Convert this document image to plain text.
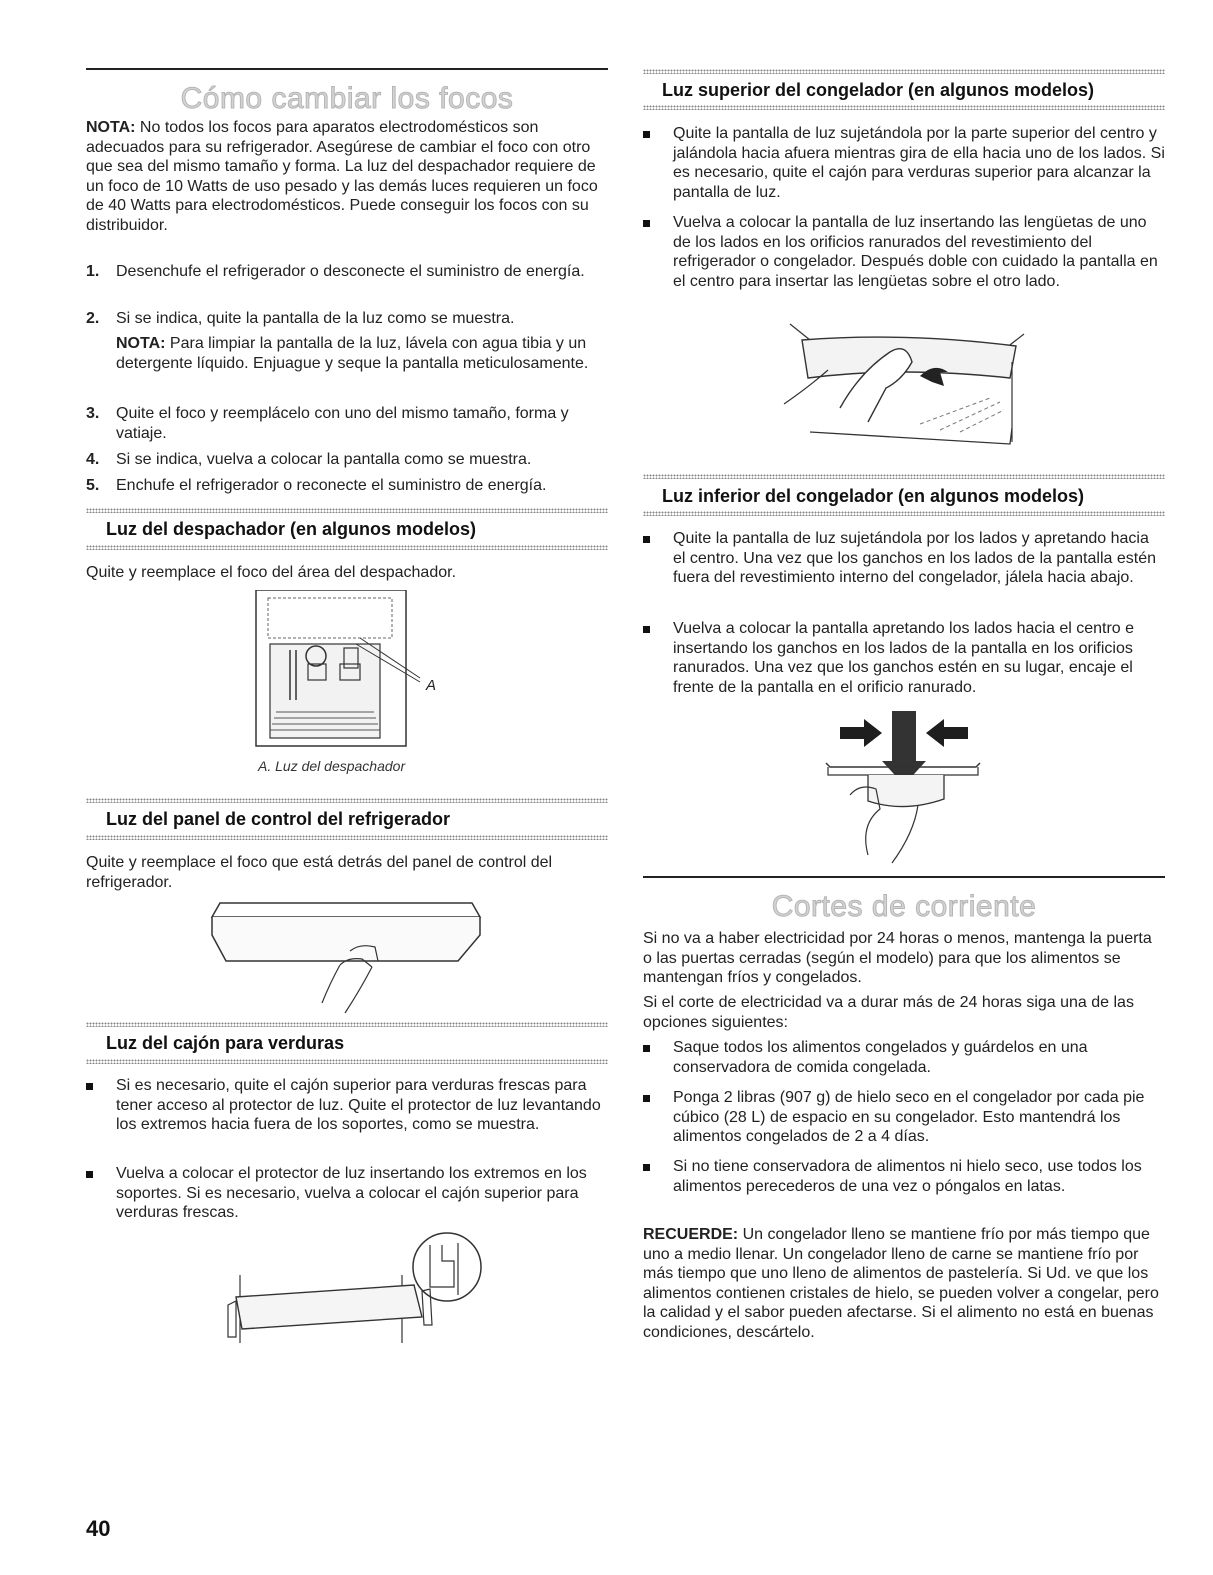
Cómo cambiar los focos
NOTA: No todos los focos para aparatos electrodomésticos son adecuados para su refrigerador. Asegúrese de cambiar el foco con otro que sea del mismo tamaño y forma. La luz del despachador requiere de un foco de 10 Watts de uso pesado y las demás luces requieren un foco de 40 Watts para electrodomésticos. Puede conseguir los focos con su distribuidor.
1. Desenchufe el refrigerador o desconecte el suministro de energía.
2. Si se indica, quite la pantalla de la luz como se muestra.
NOTA: Para limpiar la pantalla de la luz, lávela con agua tibia y un detergente líquido. Enjuague y seque la pantalla meticulosamente.
3. Quite el foco y reemplácelo con uno del mismo tamaño, forma y vatiaje.
4. Si se indica, vuelva a colocar la pantalla como se muestra.
5. Enchufe el refrigerador o reconecte el suministro de energía.
Luz del despachador (en algunos modelos)
Quite y reemplace el foco del área del despachador.
A
A. Luz del despachador
Luz del panel de control del refrigerador
Quite y reemplace el foco que está detrás del panel de control del refrigerador.
Luz del cajón para verduras
Si es necesario, quite el cajón superior para verduras frescas para tener acceso al protector de luz. Quite el protector de luz levantando los extremos hacia fuera de los soportes, como se muestra.
Vuelva a colocar el protector de luz insertando los extremos en los soportes. Si es necesario, vuelva a colocar el cajón superior para verduras frescas.
Luz superior del congelador (en algunos modelos)
Quite la pantalla de luz sujetándola por la parte superior del centro y jalándola hacia afuera mientras gira de ella hacia uno de los lados. Si es necesario, quite el cajón para verduras superior para alcanzar la pantalla de luz.
Vuelva a colocar la pantalla de luz insertando las lengüetas de uno de los lados en los orificios ranurados del revestimiento del refrigerador o congelador. Después doble con cuidado la pantalla en el centro para insertar las lengüetas sobre el otro lado.
Luz inferior del congelador (en algunos modelos)
Quite la pantalla de luz sujetándola por los lados y apretando hacia el centro. Una vez que los ganchos en los lados de la pantalla estén fuera del revestimiento interno del congelador, jálela hacia abajo.
Vuelva a colocar la pantalla apretando los lados hacia el centro e insertando los ganchos en los lados de la pantalla en los orificios ranurados. Una vez que los ganchos estén en su lugar, encaje el frente de la pantalla en el orificio ranurado.
Cortes de corriente
Si no va a haber electricidad por 24 horas o menos, mantenga la puerta o las puertas cerradas (según el modelo) para que los alimentos se mantengan fríos y congelados.
Si el corte de electricidad va a durar más de 24 horas siga una de las opciones siguientes:
Saque todos los alimentos congelados y guárdelos en una conservadora de comida congelada.
Ponga 2 libras (907 g) de hielo seco en el congelador por cada pie cúbico (28 L) de espacio en su congelador. Esto mantendrá los alimentos congelados de 2 a 4 días.
Si no tiene conservadora de alimentos ni hielo seco, use todos los alimentos perecederos de una vez o póngalos en latas.
RECUERDE: Un congelador lleno se mantiene frío por más tiempo que uno a medio llenar. Un congelador lleno de carne se mantiene frío por más tiempo que uno lleno de alimentos de pastelería. Si Ud. ve que los alimentos contienen cristales de hielo, se pueden volver a congelar, pero la calidad y el sabor pueden afectarse. Si el alimento no está en buenas condiciones, descártelo.
40
